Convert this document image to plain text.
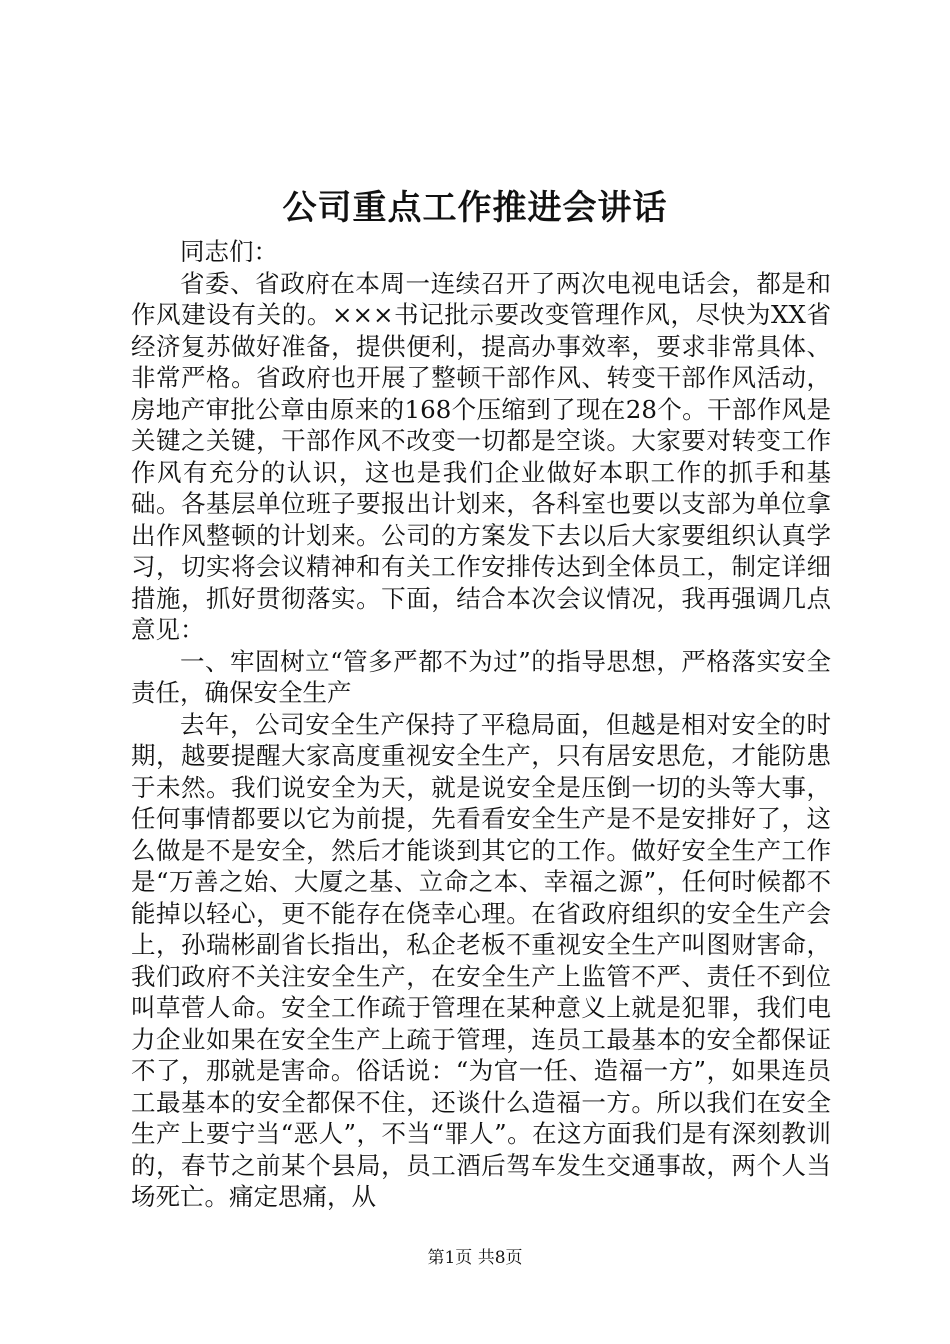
公司重点工作推进会讲话

同志们：

省委、省政府在本周一连续召开了两次电视电话会，都是和作风建设有关的。×××书记批示要改变管理作风，尽快为XX省经济复苏做好准备，提供便利，提高办事效率，要求非常具体、非常严格。省政府也开展了整顿干部作风、转变干部作风活动，房地产审批公章由原来的168个压缩到了现在28个。干部作风是关键之关键，干部作风不改变一切都是空谈。大家要对转变工作作风有充分的认识，这也是我们企业做好本职工作的抓手和基础。各基层单位班子要报出计划来，各科室也要以支部为单位拿出作风整顿的计划来。公司的方案发下去以后大家要组织认真学习，切实将会议精神和有关工作安排传达到全体员工，制定详细措施，抓好贯彻落实。下面，结合本次会议情况，我再强调几点意见：

一、牢固树立“管多严都不为过”的指导思想，严格落实安全责任，确保安全生产

去年，公司安全生产保持了平稳局面，但越是相对安全的时期，越要提醒大家高度重视安全生产，只有居安思危，才能防患于未然。我们说安全为天，就是说安全是压倒一切的头等大事，任何事情都要以它为前提，先看看安全生产是不是安排好了，这么做是不是安全，然后才能谈到其它的工作。做好安全生产工作是“万善之始、大厦之基、立命之本、幸福之源”，任何时候都不能掉以轻心，更不能存在侥幸心理。在省政府组织的安全生产会上，孙瑞彬副省长指出，私企老板不重视安全生产叫图财害命，我们政府不关注安全生产，在安全生产上监管不严、责任不到位叫草菅人命。安全工作疏于管理在某种意义上就是犯罪，我们电力企业如果在安全生产上疏于管理，连员工最基本的安全都保证不了，那就是害命。俗话说：“为官一任、造福一方”，如果连员工最基本的安全都保不住，还谈什么造福一方。所以我们在安全生产上要宁当“恶人”，不当“罪人”。在这方面我们是有深刻教训的，春节之前某个县局，员工酒后驾车发生交通事故，两个人当场死亡。痛定思痛，从

第1页 共8页
